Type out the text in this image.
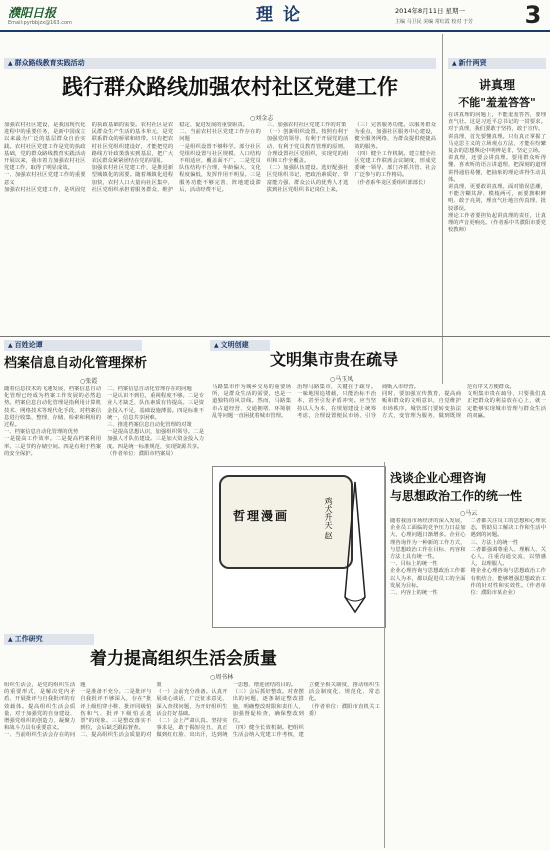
濮阳日报
Email:pyrbbjzx@163.com	理论	2014年8月11日 星期一
主编 马卫民 美编 常红霞 校对 于芳 3
▲ 群众路线教育实践活动
践行群众路线加强农村社区党建工作
○刘金志
加强农村社区建设，是我国现代化进程中的重要任务，是新中国成立以来最为广泛的基层群众自治实践。农村社区党建工作是党的执政基础，党的群众路线教育实践活动开展以来，我市着力加强农村社区党建工作，取得了明显成效。
一、加强农村社区党建工作的重要意义
加强农村社区党建工作，是巩固党的执政基础的需要。农村社区是农民群众生产生活的基本单元，是党联系群众的桥梁和纽带。只有把农村社区党组织建设好，才能把党的路线方针政策落实到基层，把广大农民群众紧紧团结在党的周围。
加强农村社区党建工作，是推进新型城镇化的需要。随着城镇化进程加快，农村人口大量向社区集中，社区党组织承担着服务群众、维护稳定、促进发展的重要职责。
二、当前农村社区党建工作存在的问题
一是组织设置不够科学。部分社区党组织设置与社区规模、人口结构不相适应，覆盖面不广。二是党员队伍结构不合理，年龄偏大、文化程度偏低，发挥作用不明显。三是服务功能不够完善，阵地建设滞后，活动经费不足。
三、加强农村社区党建工作的对策
（一）创新组织设置。按照有利于加强党的领导、有利于开展党的活动、有利于党员教育管理的原则，合理设置社区党组织，实现党的组织和工作全覆盖。
（二）加强队伍建设。选好配强社区党组织书记，把政治素质好、带富能力强、群众公认的优秀人才选拔到社区党组织书记岗位上来。
（三）完善服务功能。以服务群众为重点，加强社区服务中心建设，健全服务网络，为群众提供便捷高效的服务。
（四）健全工作机制。建立健全社区党建工作联席会议制度，形成党委统一领导、部门齐抓共管、社会广泛参与的工作格局。
（作者系华龙区委组织部部长）
▲ 新什两贤
讲真理
不能"羞羞答答"
在讲真理的问题上，不能羞羞答答，要理直气壮。这是习近平总书记的一贯要求。对于真理，我们要敢于坚持，敢于宣传。
讲真理，首先要懂真理。只有真正掌握了马克思主义的立场观点方法，才能在纷繁复杂的思想舆论中明辨是非，坚定立场。
讲真理，还要会讲真理。要用群众听得懂、喜欢听的语言讲道理，把深刻的道理讲得通俗易懂，把抽象的理论讲得生动具体。
讲真理，更要敢讲真理。面对错误思潮，不能含糊其辞、模棱两可，而要旗帜鲜明、敢于亮剑，理直气壮地宣传真理、批驳谬误。
理论工作者要担负起讲真理的责任，让真理的声音更响亮。（作者系中共濮阳市委党校教师）
▲ 百姓论谭
档案信息自动化管理探析
○张霞
随着信息技术的飞速发展，档案信息自动化管理已经成为档案工作发展的必然趋势。档案信息自动化管理是指利用计算机技术、网络技术等现代化手段，对档案信息进行收集、整理、存储、检索和利用的过程。
一、档案信息自动化管理的优势
一是提高工作效率。二是提高档案利用率。三是节约存储空间。四是有利于档案的安全保护。
二、档案信息自动化管理存在的问题
一是认识不到位，重视程度不够。二是专业人才缺乏，队伍素质有待提高。三是资金投入不足，基础设施薄弱。四是标准不统一，信息共享困难。
三、推进档案信息自动化管理的对策
一是提高思想认识，加强组织领导。二是加强人才队伍建设。三是加大资金投入力度。四是统一标准规范，实现资源共享。
（作者单位：濮阳市档案局）
▲ 文明创建
文明集市贵在疏导
○马玉凤
马路集市作为城乡交易的重要场所，是群众生活的需要，也是一道独特的风景线。然而，马路集市占道经营、交通拥堵、环境脏乱等问题一直困扰着城市管理。
治理马路集市，关键在于疏导。一味地围追堵截，只能治标不治本，甚至引发矛盾冲突。应当坚持以人为本，在规划建设上统筹考虑，合理设置便民市场，引导商贩入市经营。
同时，要加强宣传教育，提高商贩和群众的文明意识，自觉维护市场秩序。城管部门要转变执法方式，变管理为服务，做到既规范有序又方便群众。
文明集市贵在疏导，只要我们真正把群众的利益放在心上，就一定能够实现城市管理与群众生活的双赢。
哲理漫画	鸡犬升天 赵
浅谈企业心理咨询
与思想政治工作的统一性
○马云
随着我国市场经济的深入发展，企业员工面临的竞争压力日益加大，心理问题日渐增多。企业心理咨询作为一种新的工作方式，与思想政治工作在目标、内容和方法上具有统一性。
一、目标上的统一性
企业心理咨询与思想政治工作都以人为本，都以促进员工的全面发展为目标。
二、内容上的统一性
二者都关注员工的思想和心理状态，帮助员工解决工作和生活中遇到的问题。
三、方法上的统一性
二者都强调尊重人、理解人、关心人，注重沟通交流，以情感人，以理服人。
将企业心理咨询与思想政治工作有机结合，能够增强思想政治工作的针对性和实效性。（作者单位：濮阳市某企业）
▲ 工作研究
着力提高组织生活会质量
○周书林
组织生活会，是党的组织生活的重要形式，是解决党内矛盾、开展批评与自我批评的有效载体。提高组织生活会质量，对于加强党的自身建设、增强党组织的创造力、凝聚力和战斗力具有重要意义。
一、当前组织生活会存在的问题
一是准备不充分。二是批评与自我批评不够深入，存在"批评上级怕穿小鞋、批评同级怕伤和气、批评下级怕丢选票"的现象。三是整改落实不到位，会后缺乏跟踪督查。
二、提高组织生活会质量的对策
（一）会前充分准备。认真开展谈心谈话，广泛征求意见，深入查找问题，为开好组织生活会打好基础。
（二）会上严肃认真。坚持实事求是，敢于揭短亮丑，真正做到红红脸、出出汗，达到统一思想、增进团结的目的。
（三）会后抓好整改。对查摆出的问题，逐条制定整改措施，明确整改时限和责任人，加强督促检查，确保整改到位。
（四）健全长效机制。把组织生活会纳入党建工作考核，建立健全相关制度，推动组织生活会制度化、规范化、常态化。
（作者单位：濮阳市直机关工委）
